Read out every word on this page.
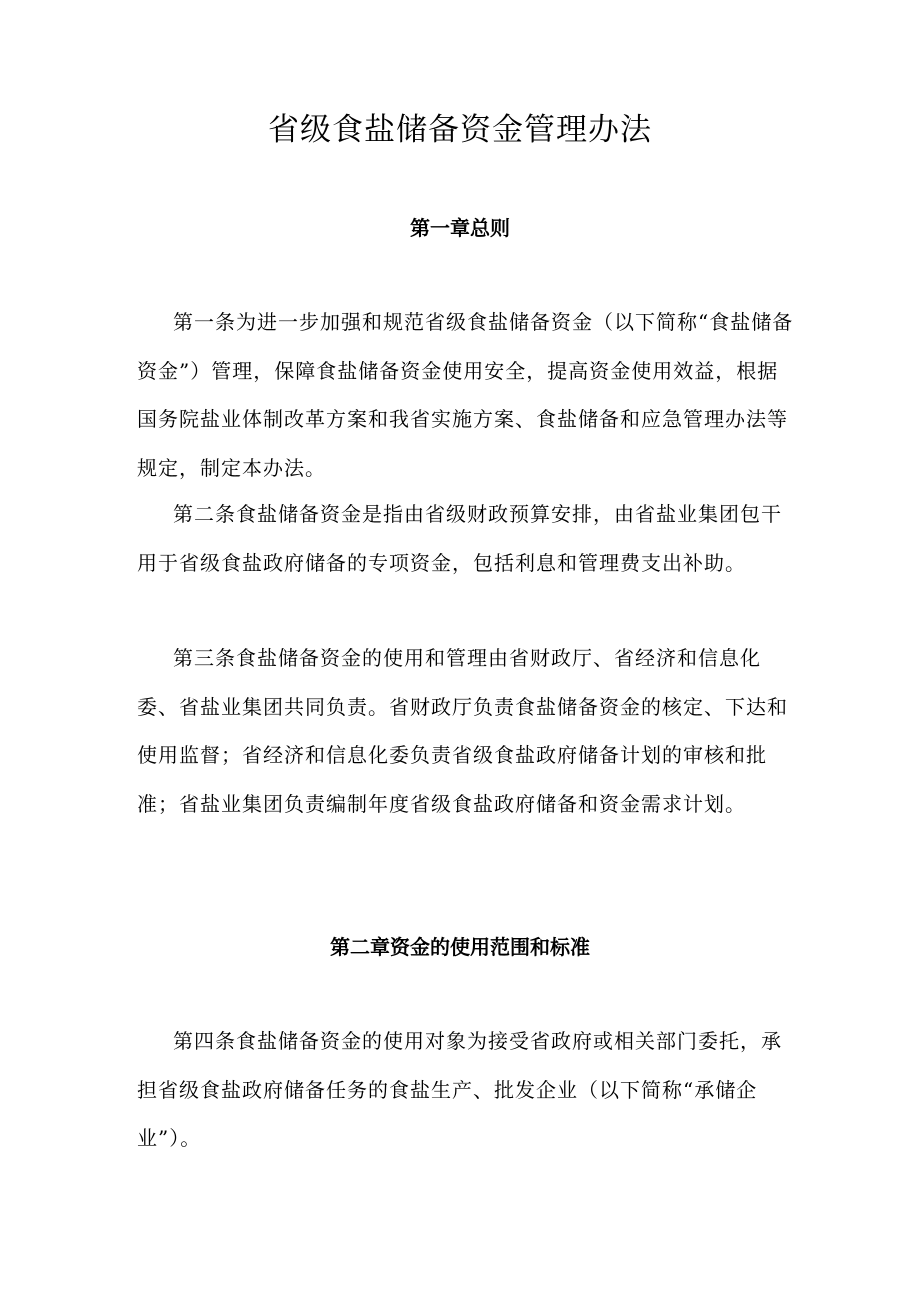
省级食盐储备资金管理办法
第一章总则

第一条为进一步加强和规范省级食盐储备资金（以下简称“食盐储备资金”）管理，保障食盐储备资金使用安全，提高资金使用效益，根据国务院盐业体制改革方案和我省实施方案、食盐储备和应急管理办法等规定，制定本办法。

第二条食盐储备资金是指由省级财政预算安排，由省盐业集团包干用于省级食盐政府储备的专项资金，包括利息和管理费支出补助。

第三条食盐储备资金的使用和管理由省财政厅、省经济和信息化委、省盐业集团共同负责。省财政厅负责食盐储备资金的核定、下达和使用监督；省经济和信息化委负责省级食盐政府储备计划的审核和批准；省盐业集团负责编制年度省级食盐政府储备和资金需求计划。

第二章资金的使用范围和标准

第四条食盐储备资金的使用对象为接受省政府或相关部门委托，承担省级食盐政府储备任务的食盐生产、批发企业（以下简称“承储企业”）。
